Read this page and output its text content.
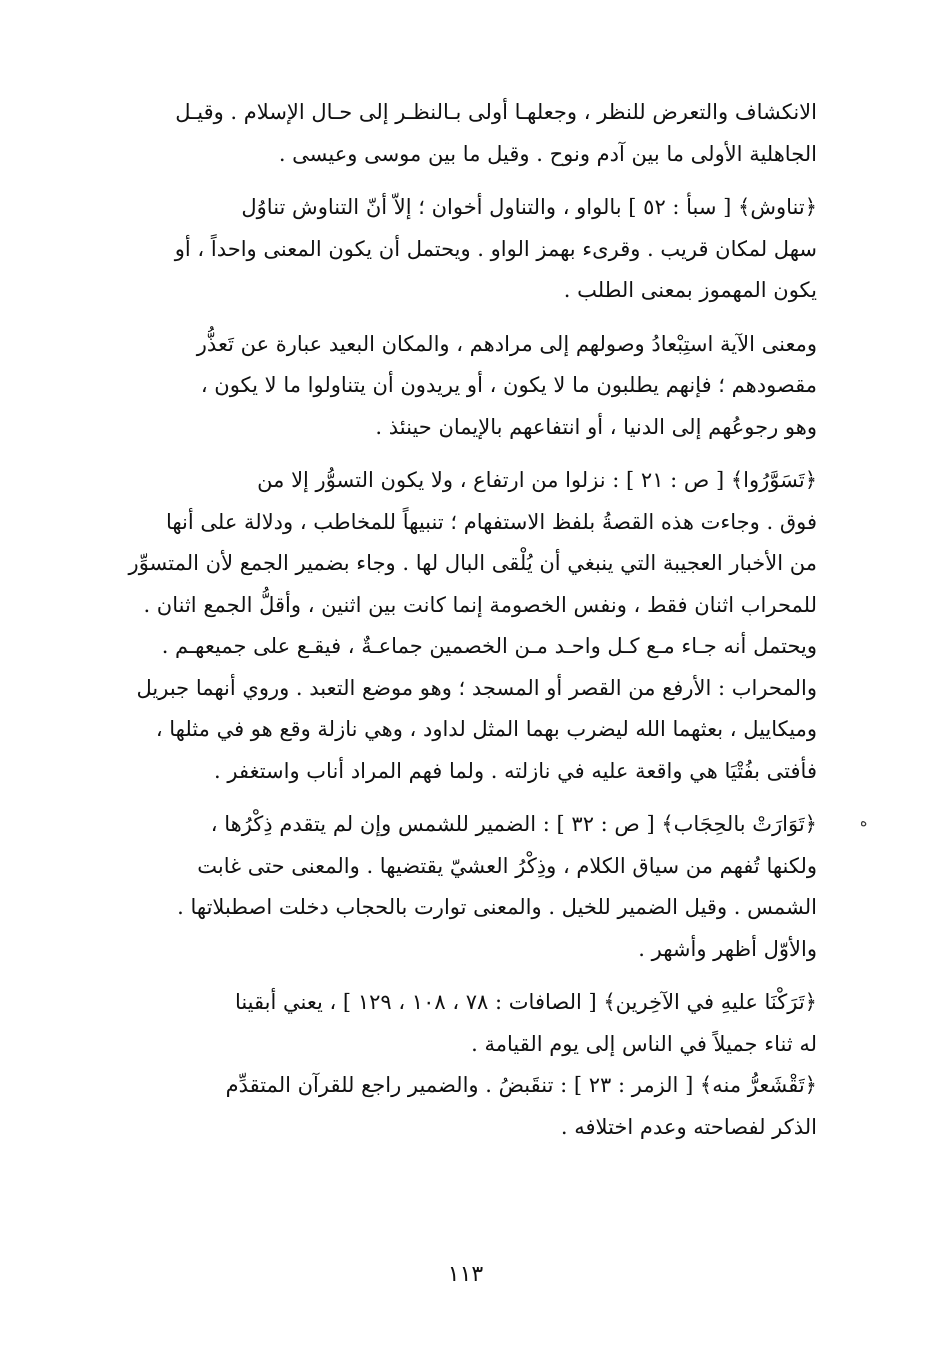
الانكشاف والتعرض للنظر ، وجعلهـا أولى بـالنظـر إلى حـال الإسلام . وقيـل
الجاهلية الأولى ما بين آدم ونوح . وقيل ما بين موسى وعيسى .
﴿تناوش﴾ [ سبأ : ٥٢ ] بالواو ، والتناول أخوان ؛ إلاّ أنّ التناوش تناوُل
سهل لمكان قريب . وقرىء بهمز الواو . ويحتمل أن يكون المعنى واحداً ، أو
يكون المهموز بمعنى الطلب .
ومعنى الآية استِبْعادُ وصولهم إلى مرادهم ، والمكان البعيد عبارة عن تَعذُّر
مقصودهم ؛ فإنهم يطلبون ما لا يكون ، أو يريدون أن يتناولوا ما لا يكون ،
وهو رجوعُهم إلى الدنيا ، أو انتفاعهم بالإيمان حينئذ .
﴿تَسَوَّرُوا﴾ [ ص : ٢١ ] : نزلوا من ارتفاع ، ولا يكون التسوُّر إلا من
فوق . وجاءت هذه القصةُ بلفظ الاستفهام ؛ تنبيهاً للمخاطب ، ودلالة على أنها
من الأخبار العجيبة التي ينبغي أن يُلْقى البال لها . وجاء بضمير الجمع لأن المتسوِّر
للمحراب اثنان فقط ، ونفس الخصومة إنما كانت بين اثنين ، وأقلُّ الجمع اثنان .
ويحتمل أنه جـاء مـع كـل واحـد مـن الخصمين جماعـةٌ ، فيقـع على جميعهـم .
والمحراب : الأرفع من القصر أو المسجد ؛ وهو موضع التعبد . وروي أنهما جبريل
وميكاييل ، بعثهما الله ليضرب بهما المثل لداود ، وهي نازلة وقع هو في مثلها ،
فأفتى بفُتْيَا هي واقعة عليه في نازلته . ولما فهم المراد أناب واستغفر .
﴿تَوَارَتْ بالحِجَاب﴾ [ ص : ٣٢ ] : الضمير للشمس وإن لم يتقدم ذِكْرُها ،
ولكنها تُفهم من سياق الكلام ، وذِكْرُ العشيّ يقتضيها . والمعنى حتى غابت
الشمس . وقيل الضمير للخيل . والمعنى توارت بالحجاب دخلت اصطبلاتها .
والأوّل أظهر وأشهر .
﴿تَرَكْنَا عليهِ في الآخِرين﴾ [ الصافات : ٧٨ ، ١٠٨ ، ١٢٩ ] ، يعني أبقينا
له ثناء جميلاً في الناس إلى يوم القيامة .
﴿تَقْشَعرُّ منه﴾ [ الزمر : ٢٣ ] : تنقَبضُ . والضمير راجع للقرآن المتقدِّم
الذكر لفصاحته وعدم اختلافه .
ه
١١٣
